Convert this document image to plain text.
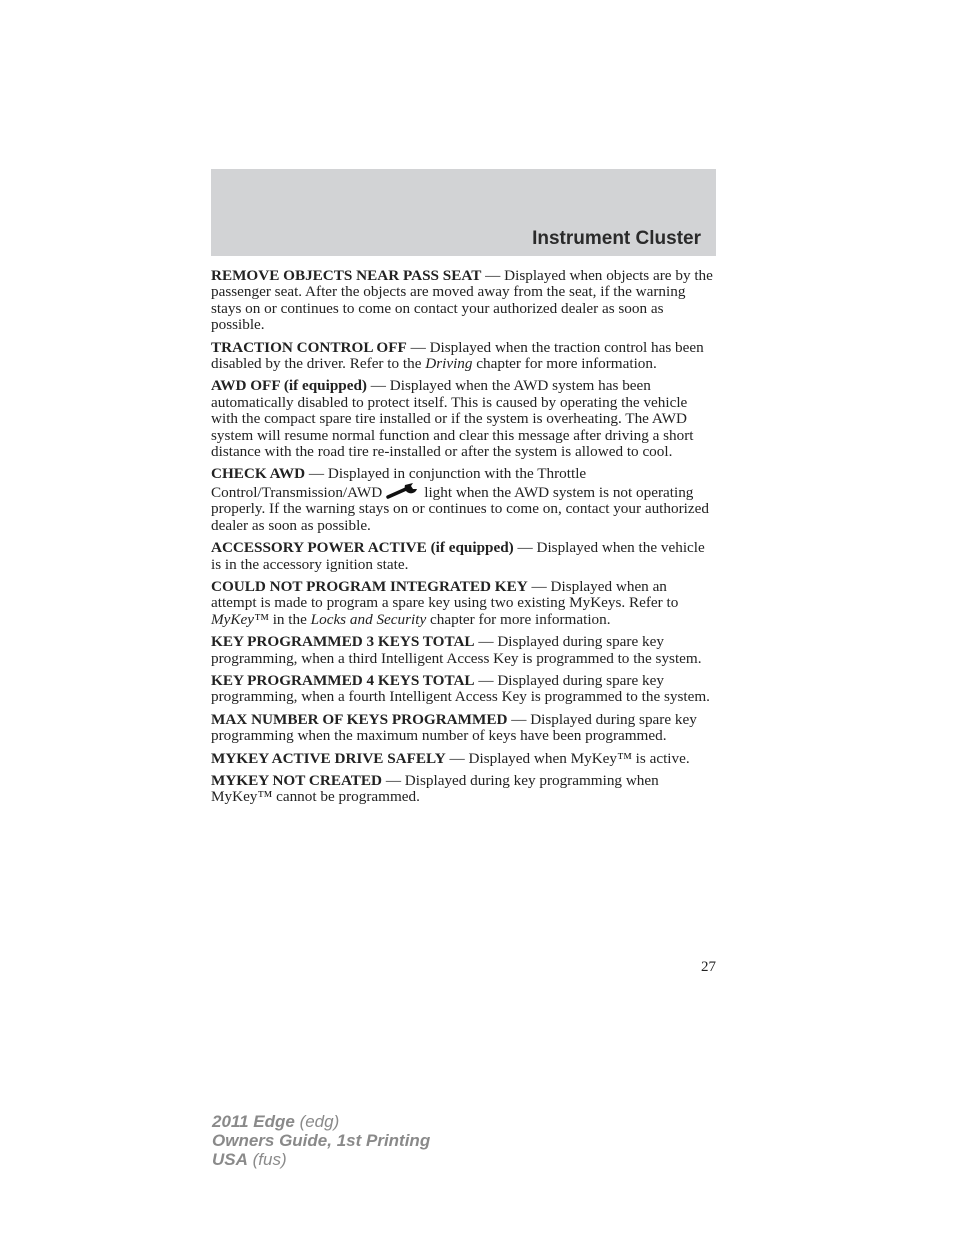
Instrument Cluster

REMOVE OBJECTS NEAR PASS SEAT — Displayed when objects are by the passenger seat. After the objects are moved away from the seat, if the warning stays on or continues to come on contact your authorized dealer as soon as possible.

TRACTION CONTROL OFF — Displayed when the traction control has been disabled by the driver. Refer to the Driving chapter for more information.

AWD OFF (if equipped) — Displayed when the AWD system has been automatically disabled to protect itself. This is caused by operating the vehicle with the compact spare tire installed or if the system is overheating. The AWD system will resume normal function and clear this message after driving a short distance with the road tire re-installed or after the system is allowed to cool.

CHECK AWD — Displayed in conjunction with the Throttle Control/Transmission/AWD	light when the AWD system is not operating properly. If the warning stays on or continues to come on, contact your authorized dealer as soon as possible.

ACCESSORY POWER ACTIVE (if equipped) — Displayed when the vehicle is in the accessory ignition state.

COULD NOT PROGRAM INTEGRATED KEY — Displayed when an attempt is made to program a spare key using two existing MyKeys. Refer to MyKey™ in the Locks and Security chapter for more information.

KEY PROGRAMMED 3 KEYS TOTAL — Displayed during spare key programming, when a third Intelligent Access Key is programmed to the system.

KEY PROGRAMMED 4 KEYS TOTAL — Displayed during spare key programming, when a fourth Intelligent Access Key is programmed to the system.

MAX NUMBER OF KEYS PROGRAMMED — Displayed during spare key programming when the maximum number of keys have been programmed.

MYKEY ACTIVE DRIVE SAFELY — Displayed when MyKey™ is active.

MYKEY NOT CREATED — Displayed during key programming when MyKey™ cannot be programmed.

27
2011 Edge (edg)
Owners Guide, 1st Printing
USA (fus)
